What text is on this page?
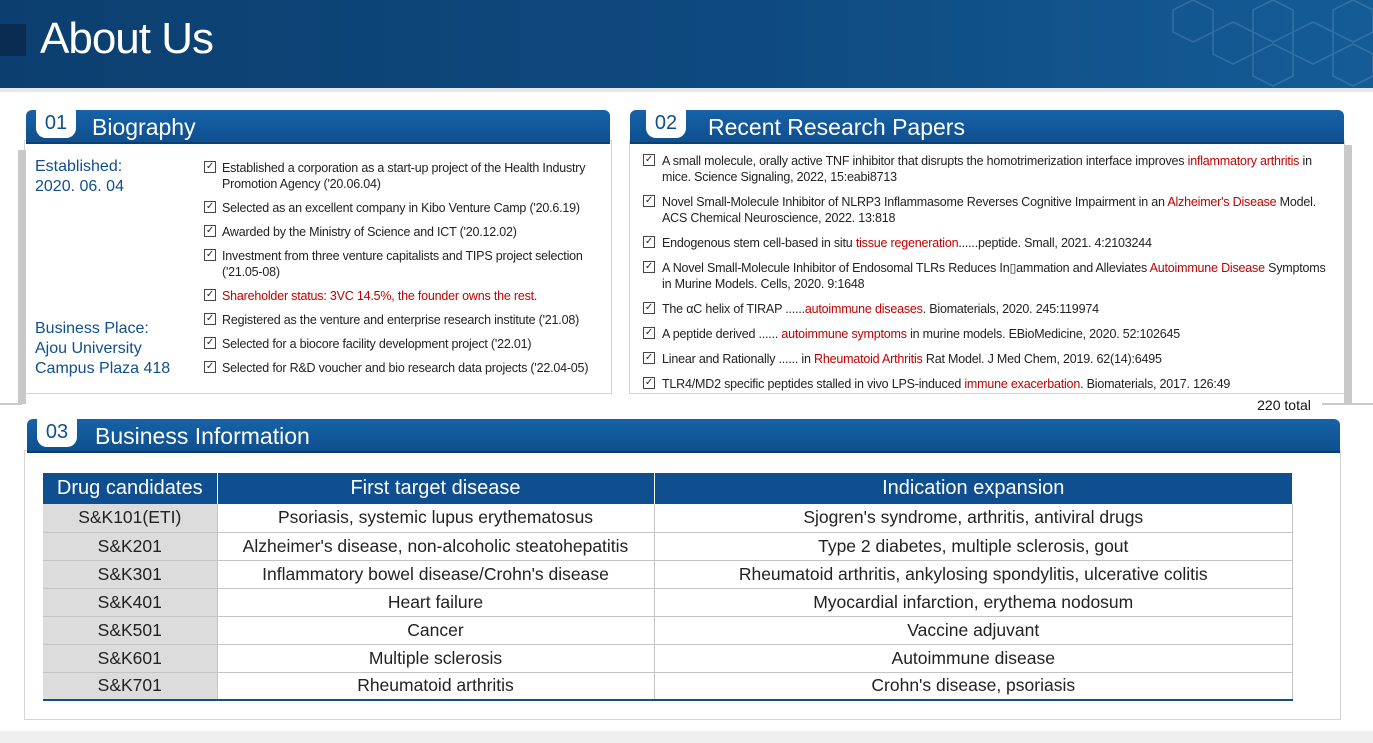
About Us
01	Biography
Established:
2020. 06. 04
Business Place:
Ajou University
Campus Plaza 418
✓ Established a corporation as a start-up project of the Health Industry Promotion Agency ('20.06.04)
✓ Selected as an excellent company in Kibo Venture Camp ('20.6.19)
✓ Awarded by the Ministry of Science and ICT ('20.12.02)
✓ Investment from three venture capitalists and TIPS project selection ('21.05-08)
✓ Shareholder status: 3VC 14.5%, the founder owns the rest.
✓ Registered as the venture and enterprise research institute ('21.08)
✓ Selected for a biocore facility development project ('22.01)
✓ Selected for R&D voucher and bio research data projects ('22.04-05)
02	Recent Research Papers
✓ A small molecule, orally active TNF inhibitor that disrupts the homotrimerization interface improves inflammatory arthritis in mice. Science Signaling, 2022, 15:eabi8713
✓ Novel Small-Molecule Inhibitor of NLRP3 Inflammasome Reverses Cognitive Impairment in an Alzheimer's Disease Model. ACS Chemical Neuroscience, 2022. 13:818
✓ Endogenous stem cell-based in situ tissue regeneration......peptide. Small, 2021. 4:2103244
✓ A Novel Small-Molecule Inhibitor of Endosomal TLRs Reduces In▯ammation and Alleviates Autoimmune Disease Symptoms in Murine Models. Cells, 2020. 9:1648
✓ The αC helix of TIRAP ......autoimmune diseases. Biomaterials, 2020. 245:119974
✓ A peptide derived ...... autoimmune symptoms in murine models. EBioMedicine, 2020. 52:102645
✓ Linear and Rationally ...... in Rheumatoid Arthritis Rat Model. J Med Chem, 2019. 62(14):6495
✓ TLR4/MD2 specific peptides stalled in vivo LPS-induced immune exacerbation. Biomaterials, 2017. 126:49
220 total
03	Business Information
Drug candidates	First target disease	Indication expansion
S&K101(ETI)	Psoriasis, systemic lupus erythematosus	Sjogren's syndrome, arthritis, antiviral drugs
S&K201	Alzheimer's disease, non-alcoholic steatohepatitis	Type 2 diabetes, multiple sclerosis, gout
S&K301	Inflammatory bowel disease/Crohn's disease	Rheumatoid arthritis, ankylosing spondylitis, ulcerative colitis
S&K401	Heart failure	Myocardial infarction, erythema nodosum
S&K501	Cancer	Vaccine adjuvant
S&K601	Multiple sclerosis	Autoimmune disease
S&K701	Rheumatoid arthritis	Crohn's disease, psoriasis
